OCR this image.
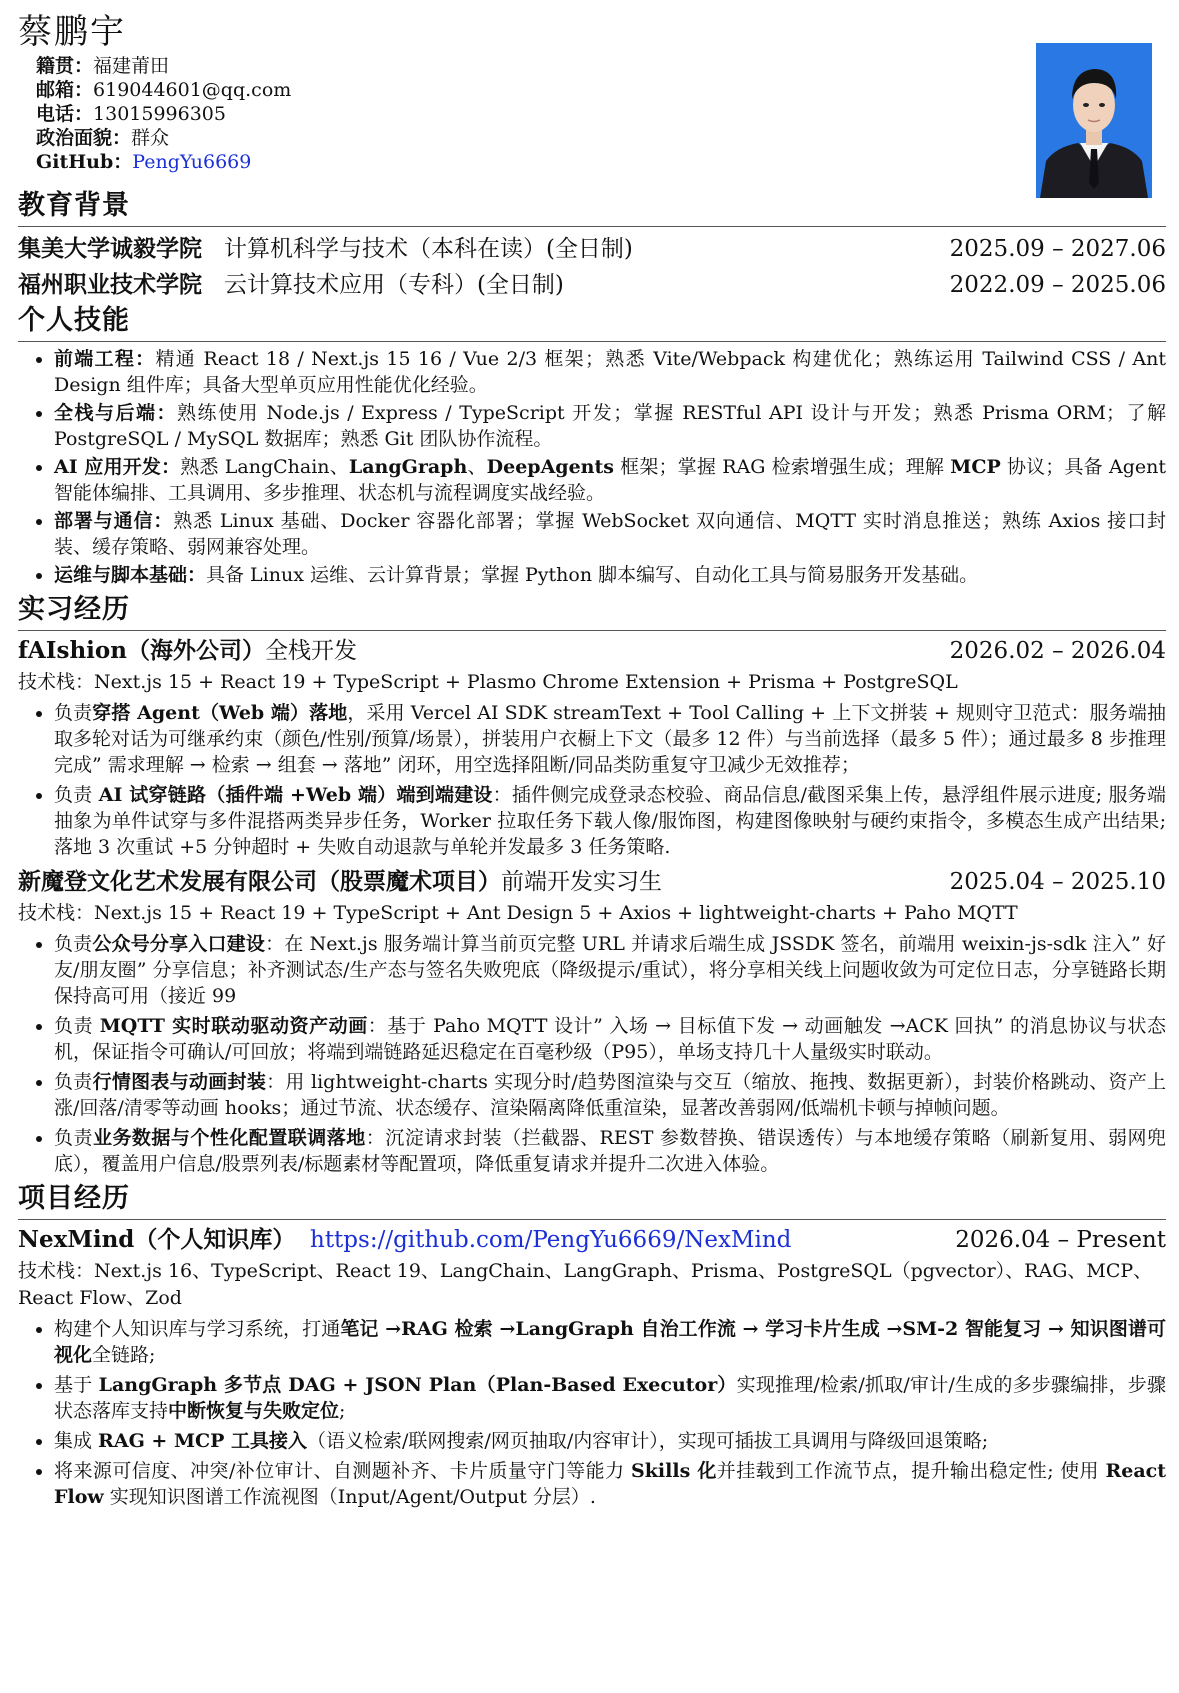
蔡鹏宇
籍贯：福建莆田
邮箱：619044601@qq.com
电话：13015996305
政治面貌：群众
GitHub：PengYu6669
教育背景
集美大学诚毅学院 计算机科学与技术（本科在读）(全日制)	2025.09 – 2027.06
福州职业技术学院 云计算技术应用（专科）(全日制)	2022.09 – 2025.06
个人技能
• 前端工程：精通 React 18 / Next.js 15 16 / Vue 2/3 框架；熟悉 Vite/Webpack 构建优化；熟练运用 Tailwind CSS / Ant Design 组件库；具备大型单页应用性能优化经验。
• 全栈与后端：熟练使用 Node.js / Express / TypeScript 开发；掌握 RESTful API 设计与开发；熟悉 Prisma ORM；了解 PostgreSQL / MySQL 数据库；熟悉 Git 团队协作流程。
• AI 应用开发：熟悉 LangChain、LangGraph、DeepAgents 框架；掌握 RAG 检索增强生成；理解 MCP 协议；具备 Agent 智能体编排、工具调用、多步推理、状态机与流程调度实战经验。
• 部署与通信：熟悉 Linux 基础、Docker 容器化部署；掌握 WebSocket 双向通信、MQTT 实时消息推送；熟练 Axios 接口封装、缓存策略、弱网兼容处理。
• 运维与脚本基础：具备 Linux 运维、云计算背景；掌握 Python 脚本编写、自动化工具与简易服务开发基础。
实习经历
fAIshion（海外公司）全栈开发	2026.02 – 2026.04
技术栈：Next.js 15 + React 19 + TypeScript + Plasmo Chrome Extension + Prisma + PostgreSQL
• 负责穿搭 Agent（Web 端）落地，采用 Vercel AI SDK streamText + Tool Calling + 上下文拼装 + 规则守卫范式：服务端抽取多轮对话为可继承约束（颜色/性别/预算/场景），拼装用户衣橱上下文（最多 12 件）与当前选择（最多 5 件）；通过最多 8 步推理完成” 需求理解 → 检索 → 组套 → 落地” 闭环，用空选择阻断/同品类防重复守卫减少无效推荐；
• 负责 AI 试穿链路（插件端 +Web 端）端到端建设：插件侧完成登录态校验、商品信息/截图采集上传，悬浮组件展示进度; 服务端抽象为单件试穿与多件混搭两类异步任务，Worker 拉取任务下载人像/服饰图，构建图像映射与硬约束指令，多模态生成产出结果; 落地 3 次重试 +5 分钟超时 + 失败自动退款与单轮并发最多 3 任务策略.
新魔登文化艺术发展有限公司（股票魔术项目）前端开发实习生	2025.04 – 2025.10
技术栈：Next.js 15 + React 19 + TypeScript + Ant Design 5 + Axios + lightweight-charts + Paho MQTT
• 负责公众号分享入口建设：在 Next.js 服务端计算当前页完整 URL 并请求后端生成 JSSDK 签名，前端用 weixin-js-sdk 注入” 好友/朋友圈” 分享信息；补齐测试态/生产态与签名失败兜底（降级提示/重试），将分享相关线上问题收敛为可定位日志，分享链路长期保持高可用（接近 99
• 负责 MQTT 实时联动驱动资产动画：基于 Paho MQTT 设计” 入场 → 目标值下发 → 动画触发 →ACK 回执” 的消息协议与状态机，保证指令可确认/可回放；将端到端链路延迟稳定在百毫秒级（P95），单场支持几十人量级实时联动。
• 负责行情图表与动画封装：用 lightweight-charts 实现分时/趋势图渲染与交互（缩放、拖拽、数据更新），封装价格跳动、资产上涨/回落/清零等动画 hooks；通过节流、状态缓存、渲染隔离降低重渲染，显著改善弱网/低端机卡顿与掉帧问题。
• 负责业务数据与个性化配置联调落地：沉淀请求封装（拦截器、REST 参数替换、错误透传）与本地缓存策略（刷新复用、弱网兜底），覆盖用户信息/股票列表/标题素材等配置项，降低重复请求并提升二次进入体验。
项目经历
NexMind（个人知识库） https://github.com/PengYu6669/NexMind	2026.04 – Present
技术栈：Next.js 16、TypeScript、React 19、LangChain、LangGraph、Prisma、PostgreSQL（pgvector）、RAG、MCP、React Flow、Zod
• 构建个人知识库与学习系统，打通笔记 →RAG 检索 →LangGraph 自治工作流 → 学习卡片生成 →SM-2 智能复习 → 知识图谱可视化全链路;
• 基于 LangGraph 多节点 DAG + JSON Plan（Plan-Based Executor）实现推理/检索/抓取/审计/生成的多步骤编排，步骤状态落库支持中断恢复与失败定位;
• 集成 RAG + MCP 工具接入（语义检索/联网搜索/网页抽取/内容审计），实现可插拔工具调用与降级回退策略;
• 将来源可信度、冲突/补位审计、自测题补齐、卡片质量守门等能力 Skills 化并挂载到工作流节点，提升输出稳定性; 使用 React Flow 实现知识图谱工作流视图（Input/Agent/Output 分层）.
